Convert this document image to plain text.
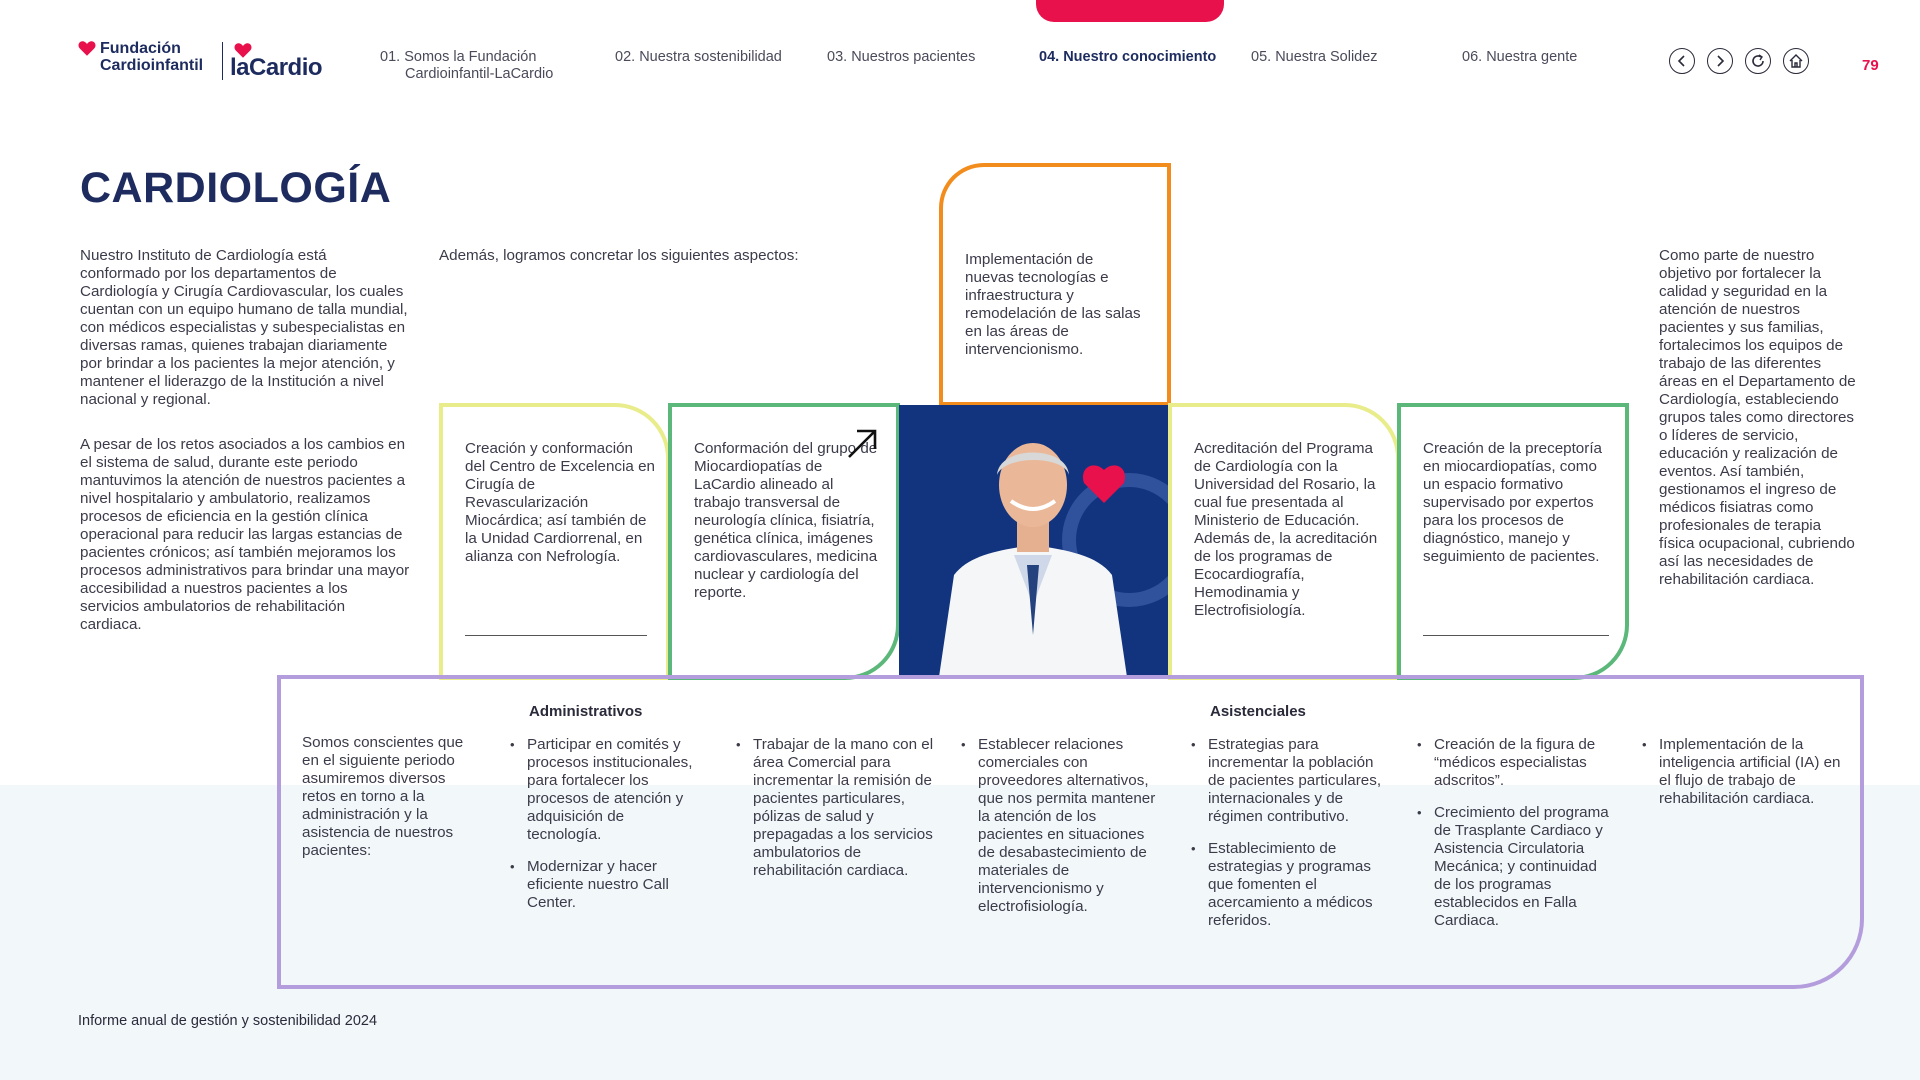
Fundación
Cardioinfantil	laCardio	01. Somos la Fundación
Cardioinfantil-LaCardio
02. Nuestra sostenibilidad	03. Nuestros pacientes	04. Nuestro conocimiento 05. Nuestra Solidez	06. Nuestra gente	79
CARDIOLOGÍA

Nuestro Instituto de Cardiología está conformado por los departamentos de Cardiología y Cirugía Cardiovascular, los cuales cuentan con un equipo humano de talla mundial, con médicos especialistas y subespecialistas en diversas ramas, quienes trabajan diariamente por brindar a los pacientes la mejor atención, y mantener el liderazgo de la Institución a nivel nacional y regional.

A pesar de los retos asociados a los cambios en el sistema de salud, durante este periodo mantuvimos la atención de nuestros pacientes a nivel hospitalario y ambulatorio, realizamos procesos de eficiencia en la gestión clínica operacional para reducir las largas estancias de pacientes crónicos; así también mejoramos los procesos administrativos para brindar una mayor accesibilidad a nuestros pacientes a los servicios ambulatorios de rehabilitación cardiaca.

Además, logramos concretar los siguientes aspectos:	Implementación de nuevas tecnologías e infraestructura y remodelación de las salas en las áreas de intervencionismo.

Creación y conformación del Centro de Excelencia en Cirugía de Revascularización Miocárdica; así también de la Unidad Cardiorrenal, en alianza con Nefrología.

Conformación del grupo de Miocardiopatías de LaCardio alineado al trabajo transversal de neurología clínica, fisiatría, genética clínica, imágenes cardiovasculares, medicina nuclear y cardiología del reporte.

Acreditación del Programa de Cardiología con la Universidad del Rosario, la cual fue presentada al Ministerio de Educación. Además de, la acreditación de los programas de Ecocardiografía, Hemodinamia y Electrofisiología.

Creación de la preceptoría en miocardiopatías, como un espacio formativo supervisado por expertos para los procesos de diagnóstico, manejo y seguimiento de pacientes.

Como parte de nuestro objetivo por fortalecer la calidad y seguridad en la atención de nuestros pacientes y sus familias, fortalecimos los equipos de trabajo de las diferentes áreas en el Departamento de Cardiología, estableciendo grupos tales como directores o líderes de servicio, educación y realización de eventos. Así también, gestionamos el ingreso de médicos fisiatras como profesionales de terapia física ocupacional, cubriendo así las necesidades de rehabilitación cardiaca.

Somos conscientes que en el siguiente periodo asumiremos diversos retos en torno a la administración y la asistencia de nuestros pacientes:

Administrativos	Asistenciales
• Participar en comités y procesos institucionales, para fortalecer los procesos de atención y adquisición de tecnología.
• Modernizar y hacer eficiente nuestro Call Center.
• Trabajar de la mano con el área Comercial para incrementar la remisión de pacientes particulares, pólizas de salud y prepagadas a los servicios ambulatorios de rehabilitación cardiaca.
• Establecer relaciones comerciales con proveedores alternativos, que nos permita mantener la atención de los pacientes en situaciones de desabastecimiento de materiales de intervencionismo y electrofisiología.
• Estrategias para incrementar la población de pacientes particulares, internacionales y de régimen contributivo.
• Establecimiento de estrategias y programas que fomenten el acercamiento a médicos referidos.
• Creación de la figura de “médicos especialistas adscritos”.
• Crecimiento del programa de Trasplante Cardiaco y Asistencia Circulatoria Mecánica; y continuidad de los programas establecidos en Falla Cardiaca.
• Implementación de la inteligencia artificial (IA) en el flujo de trabajo de rehabilitación cardiaca.
Informe anual de gestión y sostenibilidad 2024
